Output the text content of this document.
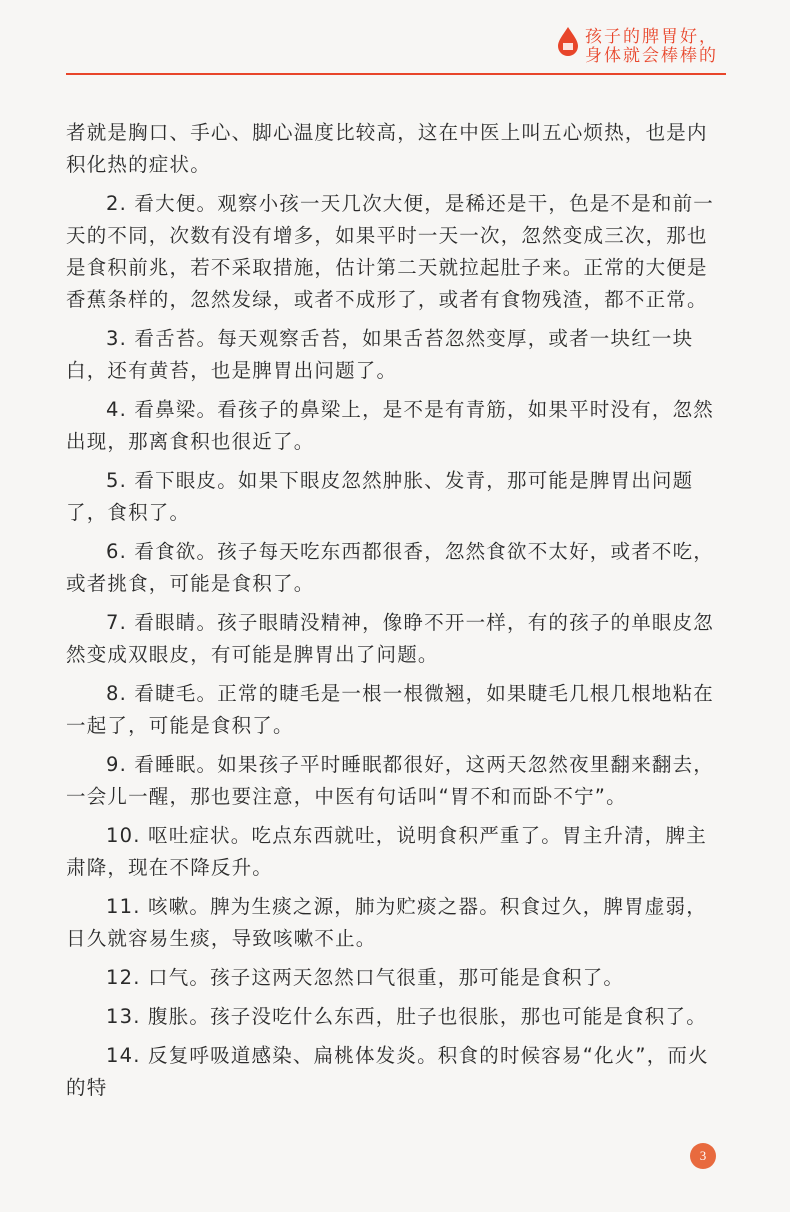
孩子的脾胃好，
身体就会棒棒的

者就是胸口、手心、脚心温度比较高，这在中医上叫五心烦热，也是内积化热的症状。

2. 看大便。观察小孩一天几次大便，是稀还是干，色是不是和前一天的不同，次数有没有增多，如果平时一天一次，忽然变成三次，那也是食积前兆，若不采取措施，估计第二天就拉起肚子来。正常的大便是香蕉条样的，忽然发绿，或者不成形了，或者有食物残渣，都不正常。

3. 看舌苔。每天观察舌苔，如果舌苔忽然变厚，或者一块红一块白，还有黄苔，也是脾胃出问题了。

4. 看鼻梁。看孩子的鼻梁上，是不是有青筋，如果平时没有，忽然出现，那离食积也很近了。

5. 看下眼皮。如果下眼皮忽然肿胀、发青，那可能是脾胃出问题了，食积了。

6. 看食欲。孩子每天吃东西都很香，忽然食欲不太好，或者不吃，或者挑食，可能是食积了。

7. 看眼睛。孩子眼睛没精神，像睁不开一样，有的孩子的单眼皮忽然变成双眼皮，有可能是脾胃出了问题。

8. 看睫毛。正常的睫毛是一根一根微翘，如果睫毛几根几根地粘在一起了，可能是食积了。

9. 看睡眠。如果孩子平时睡眠都很好，这两天忽然夜里翻来翻去，一会儿一醒，那也要注意，中医有句话叫“胃不和而卧不宁”。

10. 呕吐症状。吃点东西就吐，说明食积严重了。胃主升清，脾主肃降，现在不降反升。

11. 咳嗽。脾为生痰之源，肺为贮痰之器。积食过久，脾胃虚弱，日久就容易生痰，导致咳嗽不止。

12. 口气。孩子这两天忽然口气很重，那可能是食积了。

13. 腹胀。孩子没吃什么东西，肚子也很胀，那也可能是食积了。

14. 反复呼吸道感染、扁桃体发炎。积食的时候容易“化火”，而火的特

3
